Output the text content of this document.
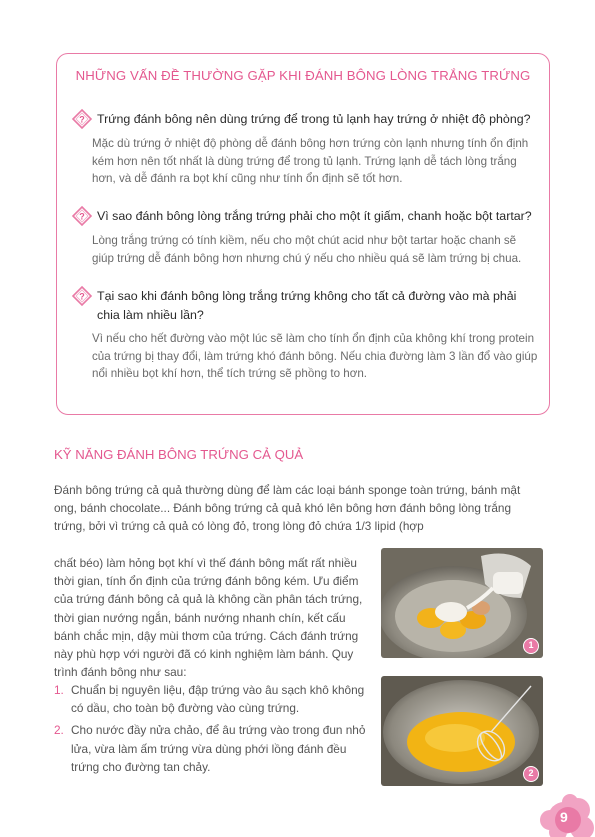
NHỮNG VẤN ĐỀ THƯỜNG GẶP KHI ĐÁNH BÔNG LÒNG TRẮNG TRỨNG
? Trứng đánh bông nên dùng trứng để trong tủ lạnh hay trứng ở nhiệt độ phòng?
Mặc dù trứng ở nhiệt độ phòng dễ đánh bông hơn trứng còn lạnh nhưng tính ổn định kém hơn nên tốt nhất là dùng trứng để trong tủ lạnh. Trứng lạnh dễ tách lòng trắng hơn, và dễ đánh ra bọt khí cũng như tính ổn định sẽ tốt hơn.
? Vì sao đánh bông lòng trắng trứng phải cho một ít giấm, chanh hoặc bột tartar?
Lòng trắng trứng có tính kiềm, nếu cho một chút acid như bột tartar hoặc chanh sẽ giúp trứng dễ đánh bông hơn nhưng chú ý nếu cho nhiều quá sẽ làm trứng bị chua.
? Tại sao khi đánh bông lòng trắng trứng không cho tất cả đường vào mà phải chia làm nhiều lần?
Vì nếu cho hết đường vào một lúc sẽ làm cho tính ổn định của không khí trong protein của trứng bị thay đổi, làm trứng khó đánh bông. Nếu chia đường làm 3 lần đổ vào giúp nổi nhiều bọt khí hơn, thể tích trứng sẽ phồng to hơn.
KỸ NĂNG ĐÁNH BÔNG TRỨNG CẢ QUẢ
Đánh bông trứng cả quả thường dùng để làm các loại bánh sponge toàn trứng, bánh mật ong, bánh chocolate... Đánh bông trứng cả quả khó lên bông hơn đánh bông lòng trắng trứng, bởi vì trứng cả quả có lòng đỏ, trong lòng đỏ chứa 1/3 lipid (hợp
chất béo) làm hỏng bọt khí vì thế đánh bông mất rất nhiều thời gian, tính ổn định của trứng đánh bông kém. Ưu điểm của trứng đánh bông cả quả là không cần phân tách trứng, thời gian nướng ngắn, bánh nướng nhanh chín, kết cấu bánh chắc mịn, dậy mùi thơm của trứng. Cách đánh trứng này phù hợp với người đã có kinh nghiệm làm bánh. Quy trình đánh bông như sau:
1. Chuẩn bị nguyên liệu, đập trứng vào âu sạch khô không có dầu, cho toàn bộ đường vào cùng trứng.
2. Cho nước đầy nửa chảo, để âu trứng vào trong đun nhỏ lửa, vừa làm ấm trứng vừa dùng phới lồng đánh đều trứng cho đường tan chảy.
1
2
9
